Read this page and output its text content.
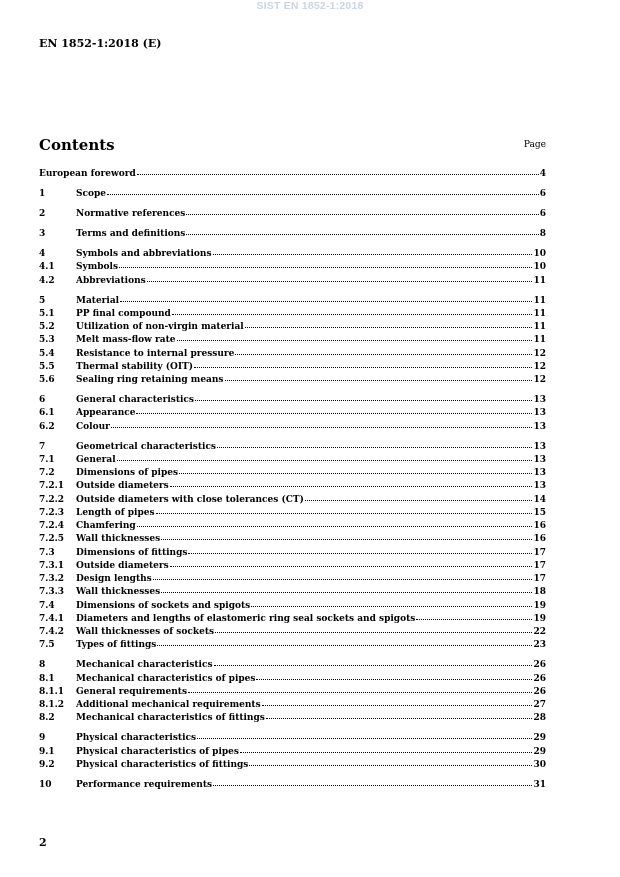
SIST EN 1852-1:2018
EN 1852-1:2018 (E)
Contents	Page
European foreword	4
1	Scope	6
2	Normative references	6
3	Terms and definitions	8
4	Symbols and abbreviations	10
4.1	Symbols	10
4.2	Abbreviations	11
5	Material	11
5.1	PP final compound	11
5.2	Utilization of non-virgin material	11
5.3	Melt mass-flow rate	11
5.4	Resistance to internal pressure	12
5.5	Thermal stability (OIT)	12
5.6	Sealing ring retaining means	12
6	General characteristics	13
6.1	Appearance	13
6.2	Colour	13
7	Geometrical characteristics	13
7.1	General	13
7.2	Dimensions of pipes	13
7.2.1	Outside diameters	13
7.2.2	Outside diameters with close tolerances (CT)	14
7.2.3	Length of pipes	15
7.2.4	Chamfering	16
7.2.5	Wall thicknesses	16
7.3	Dimensions of fittings	17
7.3.1	Outside diameters	17
7.3.2	Design lengths	17
7.3.3	Wall thicknesses	18
7.4	Dimensions of sockets and spigots	19
7.4.1	Diameters and lengths of elastomeric ring seal sockets and spigots	19
7.4.2	Wall thicknesses of sockets	22
7.5	Types of fittings	23
8	Mechanical characteristics	26
8.1	Mechanical characteristics of pipes	26
8.1.1	General requirements	26
8.1.2	Additional mechanical requirements	27
8.2	Mechanical characteristics of fittings	28
9	Physical characteristics	29
9.1	Physical characteristics of pipes	29
9.2	Physical characteristics of fittings	30
10	Performance requirements	31
2
